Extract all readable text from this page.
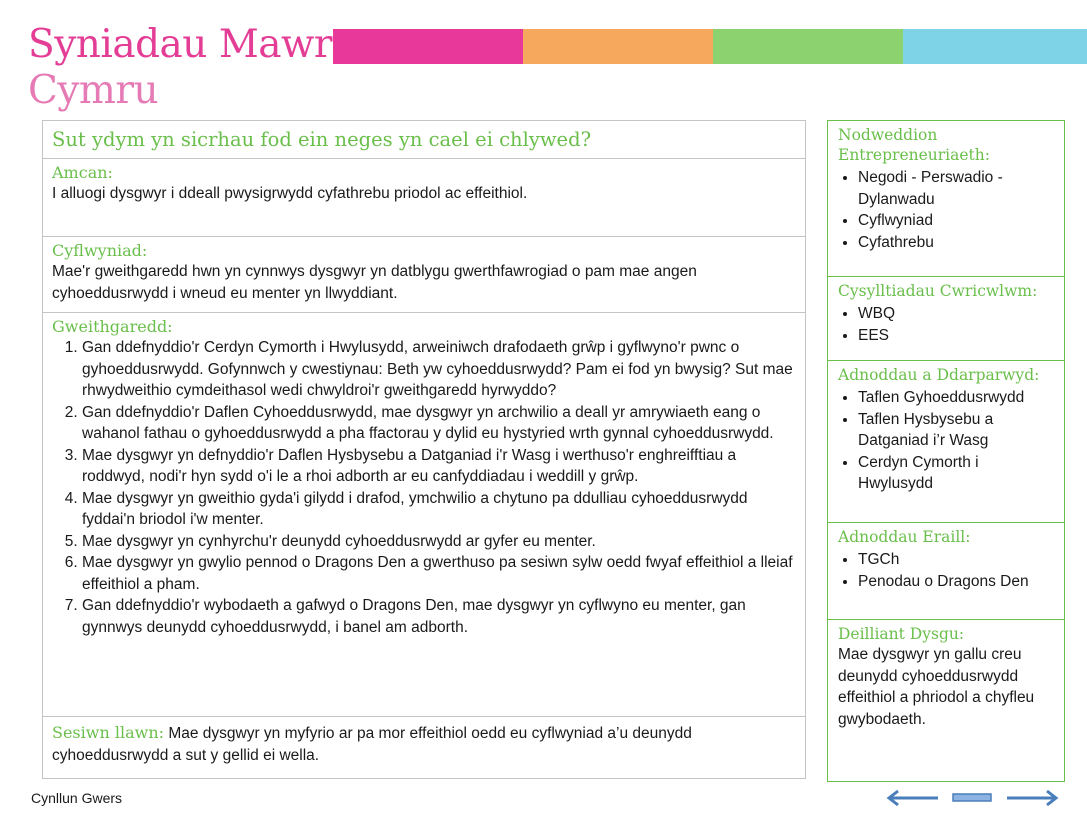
Syniadau Mawr
Cymru
Sut ydym yn sicrhau fod ein neges yn cael ei chlywed?
Amcan:
I alluogi dysgwyr i ddeall pwysigrwydd cyfathrebu priodol ac effeithiol.
Cyflwyniad:
Mae'r gweithgaredd hwn yn cynnwys dysgwyr yn datblygu gwerthfawrogiad o pam mae angen cyhoeddusrwydd i wneud eu menter yn llwyddiant.
Gweithgaredd:
1. Gan ddefnyddio'r Cerdyn Cymorth i Hwylusydd, arweiniwch drafodaeth grŵp i gyflwyno'r pwnc o gyhoeddusrwydd. Gofynnwch y cwestiynau: Beth yw cyhoeddusrwydd? Pam ei fod yn bwysig? Sut mae rhwydweithio cymdeithasol wedi chwyldroi'r gweithgaredd hyrwyddo?
2. Gan ddefnyddio'r Daflen Cyhoeddusrwydd, mae dysgwyr yn archwilio a deall yr amrywiaeth eang o wahanol fathau o gyhoeddusrwydd a pha ffactorau y dylid eu hystyried wrth gynnal cyhoeddusrwydd.
3. Mae dysgwyr yn defnyddio'r Daflen Hysbysebu a Datganiad i'r Wasg i werthuso'r enghreifftiau a roddwyd, nodi'r hyn sydd o'i le a rhoi adborth ar eu canfyddiadau i weddill y grŵp.
4. Mae dysgwyr yn gweithio gyda'i gilydd i drafod, ymchwilio a chytuno pa ddulliau cyhoeddusrwydd fyddai'n briodol i'w menter.
5. Mae dysgwyr yn cynhyrchu'r deunydd cyhoeddusrwydd ar gyfer eu menter.
6. Mae dysgwyr yn gwylio pennod o Dragons Den a gwerthuso pa sesiwn sylw oedd fwyaf effeithiol a lleiaf effeithiol a pham.
7. Gan ddefnyddio'r wybodaeth a gafwyd o Dragons Den, mae dysgwyr yn cyflwyno eu menter, gan gynnwys deunydd cyhoeddusrwydd, i banel am adborth.
Sesiwn llawn: Mae dysgwyr yn myfyrio ar pa mor effeithiol oedd eu cyflwyniad a’u deunydd cyhoeddusrwydd a sut y gellid ei wella.
Nodweddion Entrepreneuriaeth:
• Negodi - Perswadio - Dylanwadu
• Cyflwyniad
• Cyfathrebu
Cysylltiadau Cwricwlwm:
• WBQ
• EES
Adnoddau a Ddarparwyd:
• Taflen Gyhoeddusrwydd
• Taflen Hysbysebu a Datganiad i’r Wasg
• Cerdyn Cymorth i Hwylusydd
Adnoddau Eraill:
• TGCh
• Penodau o Dragons Den
Deilliant Dysgu:
Mae dysgwyr yn gallu creu deunydd cyhoeddusrwydd effeithiol a phriodol a chyfleu gwybodaeth.
Cynllun Gwers
